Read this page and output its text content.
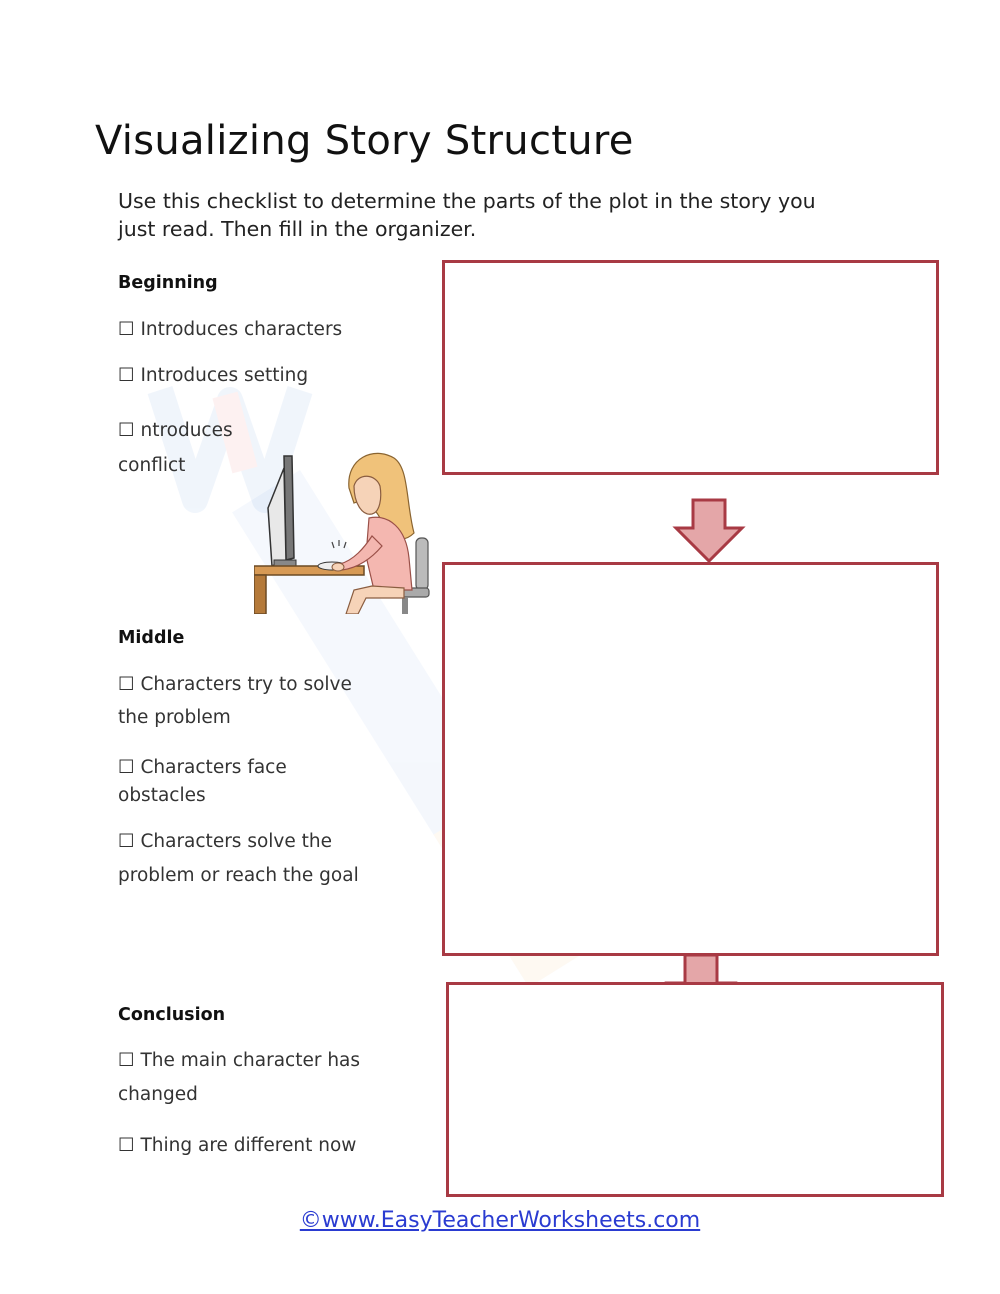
Visualizing Story Structure

Use this checklist to determine the parts of the plot in the story you
just read. Then fill in the organizer.

Beginning
☐ Introduces characters
☐ Introduces setting
☐ ntroduces
conflict
Middle
☐ Characters try to solve
the problem
☐ Characters face
obstacles
☐ Characters solve the
problem or reach the goal
Conclusion
☐ The main character has
changed
☐ Thing are different now
©www.EasyTeacherWorksheets.com
